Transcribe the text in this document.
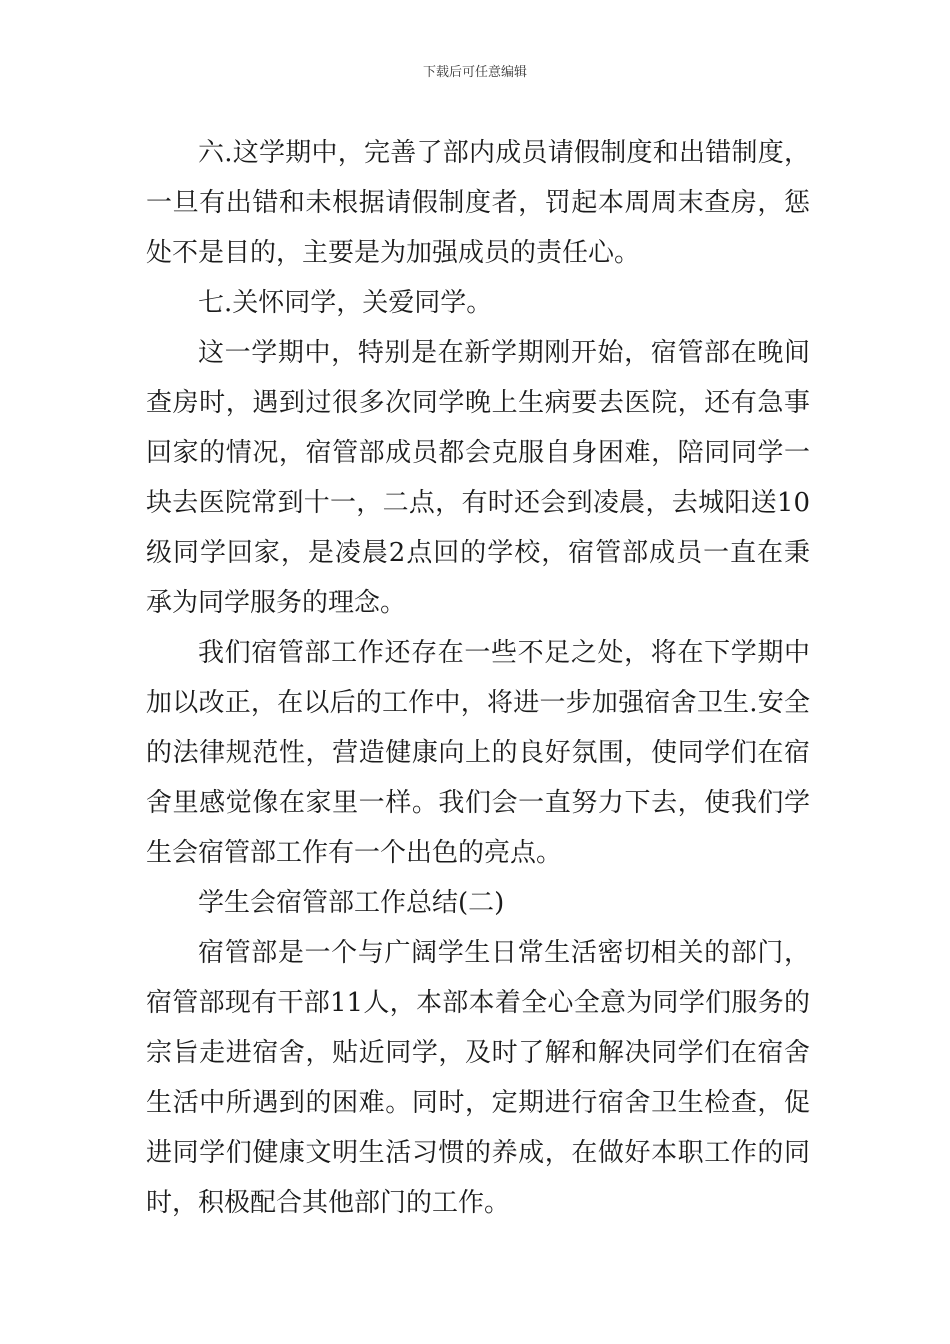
下载后可任意编辑

六.这学期中，完善了部内成员请假制度和出错制度，一旦有出错和未根据请假制度者，罚起本周周末查房，惩处不是目的，主要是为加强成员的责任心。

七.关怀同学，关爱同学。

这一学期中，特别是在新学期刚开始，宿管部在晚间查房时，遇到过很多次同学晚上生病要去医院，还有急事回家的情况，宿管部成员都会克服自身困难，陪同同学一块去医院常到十一，二点，有时还会到凌晨，去城阳送10级同学回家，是凌晨2点回的学校，宿管部成员一直在秉承为同学服务的理念。

我们宿管部工作还存在一些不足之处，将在下学期中加以改正，在以后的工作中，将进一步加强宿舍卫生.安全的法律规范性，营造健康向上的良好氛围，使同学们在宿舍里感觉像在家里一样。我们会一直努力下去，使我们学生会宿管部工作有一个出色的亮点。

学生会宿管部工作总结(二)

宿管部是一个与广阔学生日常生活密切相关的部门，宿管部现有干部11人，本部本着全心全意为同学们服务的宗旨走进宿舍，贴近同学，及时了解和解决同学们在宿舍生活中所遇到的困难。同时，定期进行宿舍卫生检查，促进同学们健康文明生活习惯的养成，在做好本职工作的同时，积极配合其他部门的工作。
